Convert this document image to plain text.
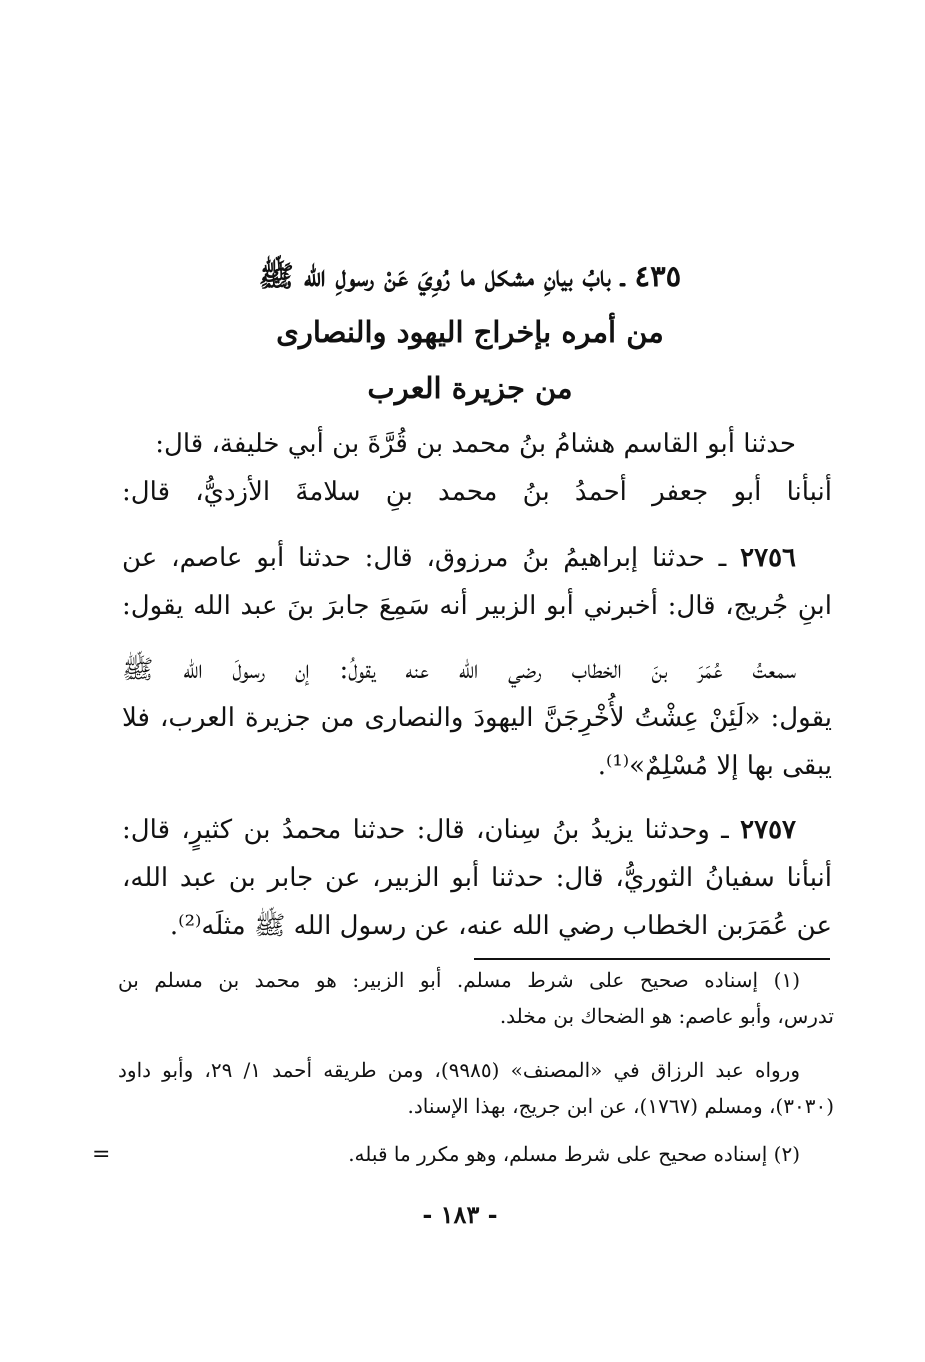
٤٣٥ ـ بابُ بيانِ مشكل ما رُوِيَ عَنْ رسولِ الله ﷺ
من أمره بإخراج اليهود والنصارى
من جزيرة العرب
حدثنا أبو القاسم هشامُ بنُ محمد بن قُرَّةَ بن أبي خليفة، قال:
أنبأنا أبو جعفر أحمدُ بنُ محمد بنِ سلامةَ الأزديُّ، قال:
٢٧٥٦ ـ حدثنا إبراهيمُ بنُ مرزوق، قال: حدثنا أبو عاصم، عن
ابنِ جُريج، قال: أخبرني أبو الزبير أنه سَمِعَ جابرَ بنَ عبد الله يقول:
سمعتُ عُمَرَ بنَ الخطاب رضي الله عنه يقولُ: إن رسولَ الله ﷺ
يقول: «لَئِنْ عِشْتُ لأُخْرِجَنَّ اليهودَ والنصارى من جزيرة العرب، فلا
يبقى بها إلا مُسْلِمٌ»⁽¹⁾.
٢٧٥٧ ـ وحدثنا يزيدُ بنُ سِنان، قال: حدثنا محمدُ بن كثيرٍ، قال:
أنبأنا سفيانُ الثوريُّ، قال: حدثنا أبو الزبير، عن جابر بن عبد الله،
عن عُمَرَبن الخطاب رضي الله عنه، عن رسول الله ﷺ مثلَه⁽²⁾.
(١) إسناده صحيح على شرط مسلم. أبو الزبير: هو محمد بن مسلم بن
تدرس، وأبو عاصم: هو الضحاك بن مخلد.
ورواه عبد الرزاق في «المصنف» (٩٩٨٥)، ومن طريقه أحمد ١/ ٢٩، وأبو داود
(٣٠٣٠)، ومسلم (١٧٦٧)، عن ابن جريج، بهذا الإسناد.
(٢) إسناده صحيح على شرط مسلم، وهو مكرر ما قبله.
=
- ١٨٣ -
